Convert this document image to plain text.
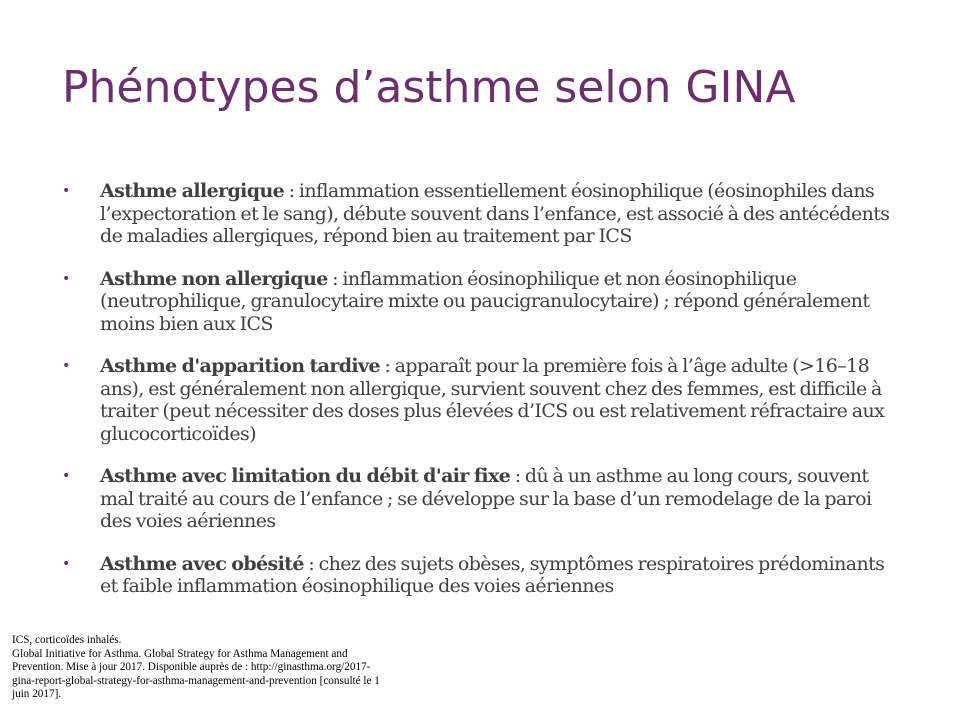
Phénotypes d’asthme selon GINA
• Asthme allergique : inflammation essentiellement éosinophilique (éosinophiles dans l’expectoration et le sang), débute souvent dans l’enfance, est associé à des antécédents de maladies allergiques, répond bien au traitement par ICS
• Asthme non allergique : inflammation éosinophilique et non éosinophilique (neutrophilique, granulocytaire mixte ou paucigranulocytaire) ; répond généralement moins bien aux ICS
• Asthme d'apparition tardive : apparaît pour la première fois à l’âge adulte (>16–18 ans), est généralement non allergique, survient souvent chez des femmes, est difficile à traiter (peut nécessiter des doses plus élevées d’ICS ou est relativement réfractaire aux glucocorticoïdes)
• Asthme avec limitation du débit d'air fixe : dû à un asthme au long cours, souvent mal traité au cours de l’enfance ; se développe sur la base d’un remodelage de la paroi des voies aériennes
• Asthme avec obésité : chez des sujets obèses, symptômes respiratoires prédominants et faible inflammation éosinophilique des voies aériennes
ICS, corticoïdes inhalés.
Global Initiative for Asthma. Global Strategy for Asthma Management and
Prevention. Mise à jour 2017. Disponible auprès de : http://ginasthma.org/2017-
gina-report-global-strategy-for-asthma-management-and-prevention [consulté le 1
juin 2017].
